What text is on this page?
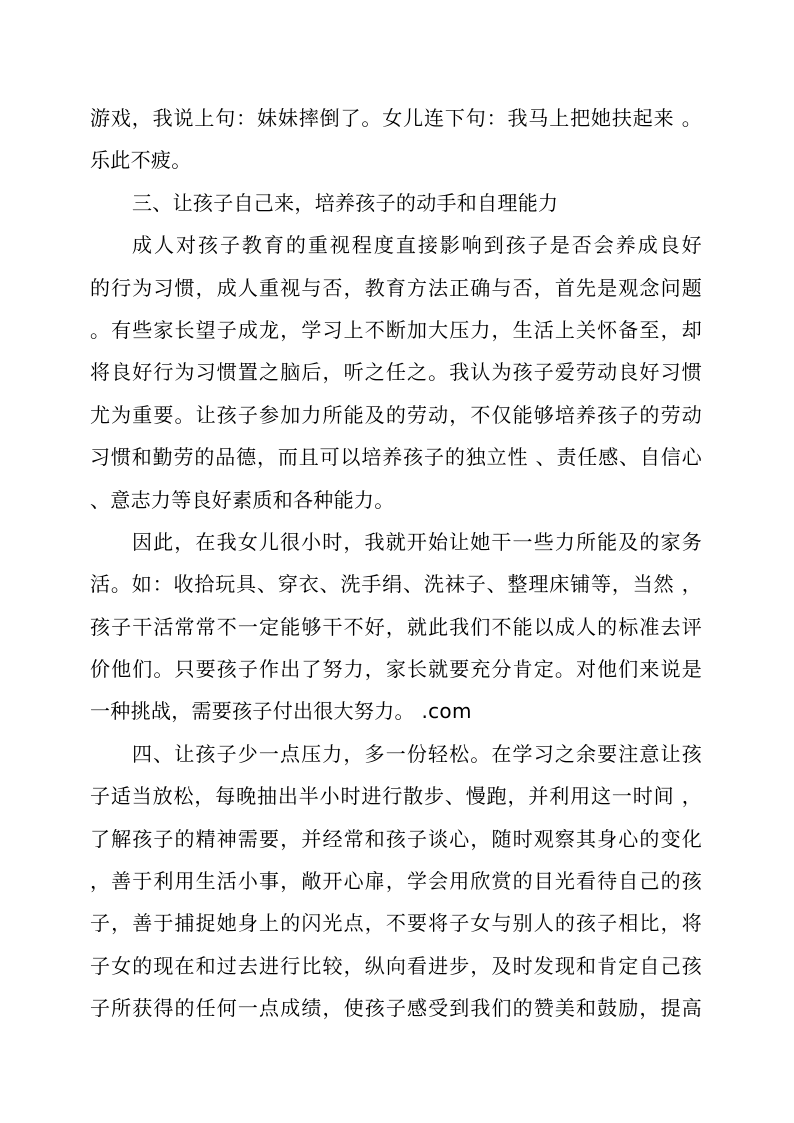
游戏，我说上句：妹妹摔倒了。女儿连下句：我马上把她扶起来 。
乐此不疲。
三、让孩子自己来，培养孩子的动手和自理能力
成人对孩子教育的重视程度直接影响到孩子是否会养成良好
的行为习惯，成人重视与否，教育方法正确与否，首先是观念问题
。有些家长望子成龙，学习上不断加大压力，生活上关怀备至，却
将良好行为习惯置之脑后，听之任之。我认为孩子爱劳动良好习惯
尤为重要。让孩子参加力所能及的劳动，不仅能够培养孩子的劳动
习惯和勤劳的品德，而且可以培养孩子的独立性 、责任感、自信心
、意志力等良好素质和各种能力。
因此，在我女儿很小时，我就开始让她干一些力所能及的家务
活。如：收拾玩具、穿衣、洗手绢、洗袜子、整理床铺等，当然 ，
孩子干活常常不一定能够干不好，就此我们不能以成人的标准去评
价他们。只要孩子作出了努力，家长就要充分肯定。对他们来说是
一种挑战，需要孩子付出很大努力。 .com
四、让孩子少一点压力，多一份轻松。在学习之余要注意让孩
子适当放松，每晚抽出半小时进行散步、慢跑，并利用这一时间 ，
了解孩子的精神需要，并经常和孩子谈心，随时观察其身心的变化
，善于利用生活小事，敞开心扉，学会用欣赏的目光看待自己的孩
子，善于捕捉她身上的闪光点，不要将子女与别人的孩子相比，将
子女的现在和过去进行比较，纵向看进步，及时发现和肯定自己孩
子所获得的任何一点成绩，使孩子感受到我们的赞美和鼓励，提高
